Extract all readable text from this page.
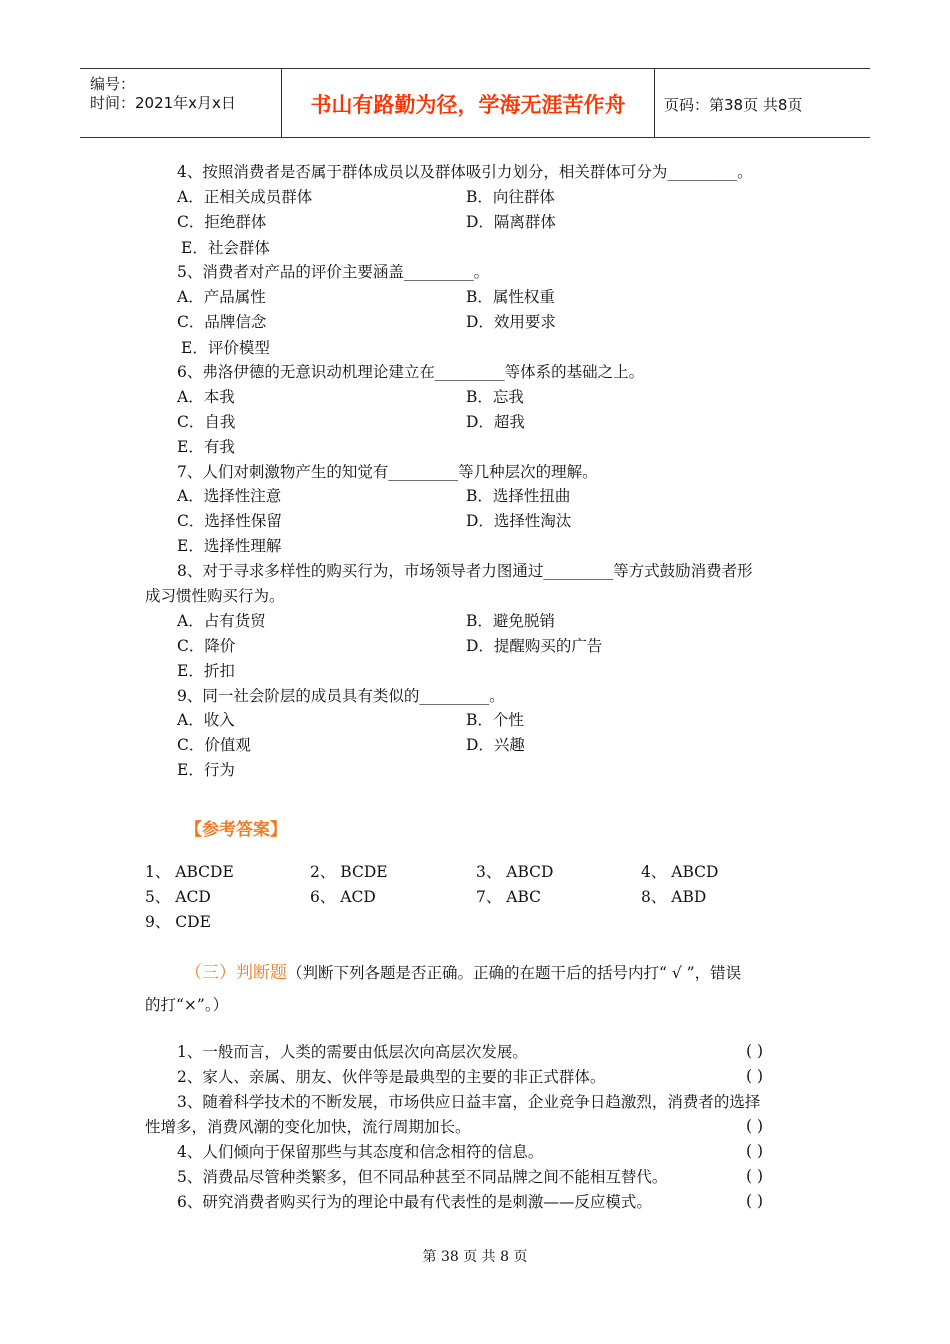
编号：
时间：2021年x月x日	书山有路勤为径，学海无涯苦作舟	页码：第38页 共8页
4、按照消费者是否属于群体成员以及群体吸引力划分，相关群体可分为_________。
A．正相关成员群体	B．向往群体
C．拒绝群体	D．隔离群体
E．社会群体
5、消费者对产品的评价主要涵盖_________。
A．产品属性	B．属性权重
C．品牌信念	D．效用要求
E．评价模型
6、弗洛伊德的无意识动机理论建立在_________等体系的基础之上。
A．本我	B．忘我
C．自我	D．超我
E．有我
7、人们对刺激物产生的知觉有_________等几种层次的理解。
A．选择性注意	B．选择性扭曲
C．选择性保留	D．选择性淘汰
E．选择性理解
8、对于寻求多样性的购买行为，市场领导者力图通过_________等方式鼓励消费者形
成习惯性购买行为。
A．占有货贸	B．避免脱销
C．降价	D．提醒购买的广告
E．折扣
9、同一社会阶层的成员具有类似的_________。
A．收入	B．个性
C．价值观	D．兴趣
E．行为
【参考答案】
1、 ABCDE	2、 BCDE	3、 ABCD	4、 ABCD
5、 ACD	6、 ACD	7、 ABC	8、 ABD
9、 CDE
（三）判断题（判断下列各题是否正确。正确的在题干后的括号内打“ √ ”，错误
的打“×”。）
1、一般而言，人类的需要由低层次向高层次发展。	( )
2、家人、亲属、朋友、伙伴等是最典型的主要的非正式群体。	( )
3、随着科学技术的不断发展，市场供应日益丰富，企业竞争日趋激烈，消费者的选择
性增多，消费风潮的变化加快，流行周期加长。	( )
4、人们倾向于保留那些与其态度和信念相符的信息。	( )
5、消费品尽管种类繁多，但不同品种甚至不同品牌之间不能相互替代。	( )
6、研究消费者购买行为的理论中最有代表性的是刺激——反应模式。	( )
第 38 页 共 8 页
